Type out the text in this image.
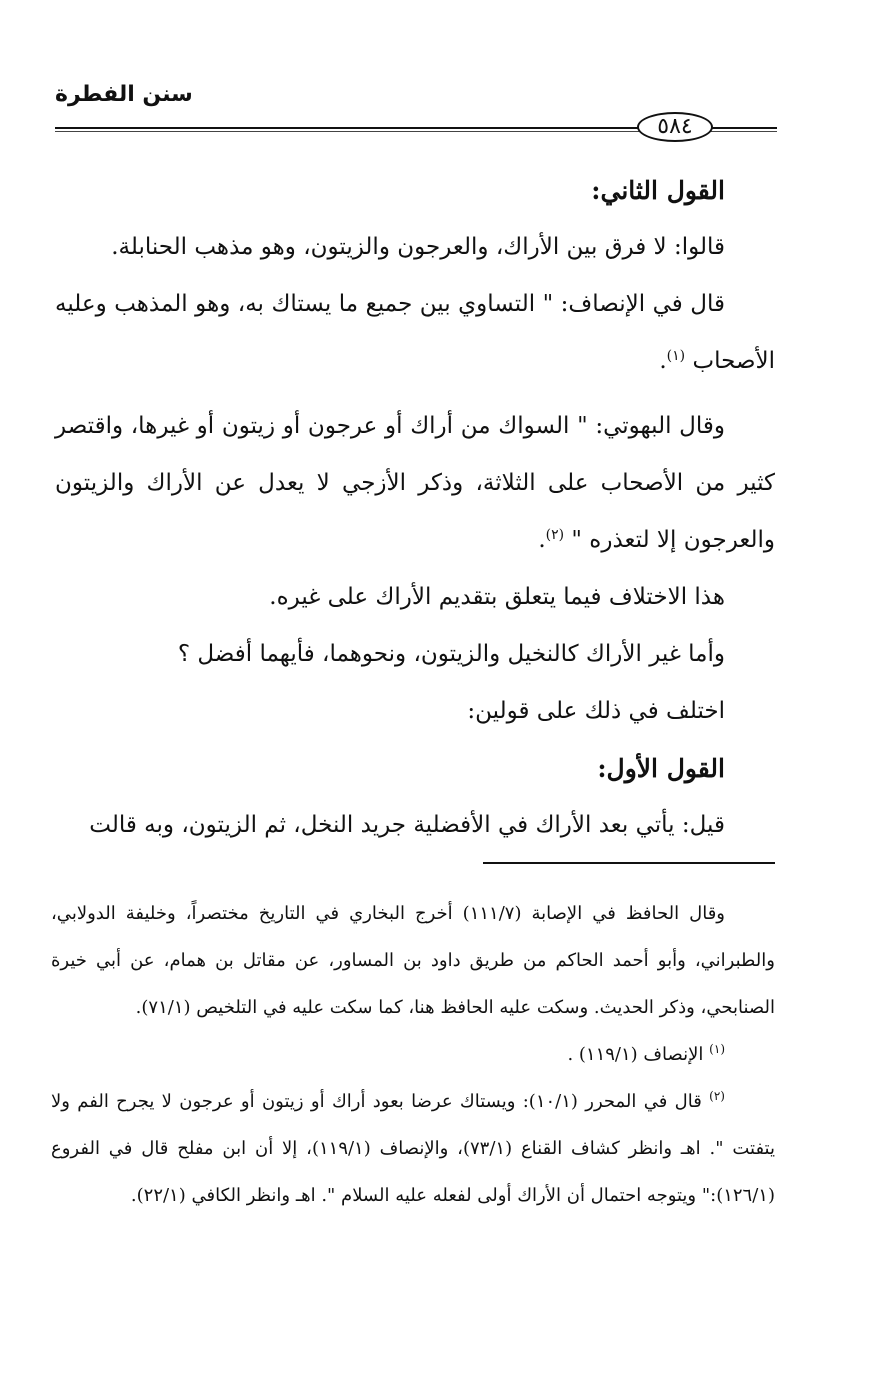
سنن الفطرة
٥٨٤

القول الثاني:

قالوا: لا فرق بين الأراك، والعرجون والزيتون، وهو مذهب الحنابلة.

قال في الإنصاف: " التساوي بين جميع ما يستاك به، وهو المذهب وعليه الأصحاب $^{(١)}$.

وقال البهوتي: " السواك من أراك أو عرجون أو زيتون أو غيرها، واقتصر كثير من الأصحاب على الثلاثة، وذكر الأزجي لا يعدل عن الأراك والزيتون والعرجون إلا لتعذره " $^{(٢)}$.

هذا الاختلاف فيما يتعلق بتقديم الأراك على غيره.

وأما غير الأراك كالنخيل والزيتون، ونحوهما، فأيهما أفضل ؟

اختلف في ذلك على قولين:

القول الأول:

قيل: يأتي بعد الأراك في الأفضلية جريد النخل، ثم الزيتون، وبه قالت

وقال الحافظ في الإصابة (١١١/٧) أخرج البخاري في التاريخ مختصراً، وخليفة الدولابي، والطبراني، وأبو أحمد الحاكم من طريق داود بن المساور، عن مقاتل بن همام، عن أبي خيرة الصنابحي، وذكر الحديث. وسكت عليه الحافظ هنا، كما سكت عليه في التلخيص (٧١/١).

$^{(١)}$ الإنصاف (١١٩/١) .

$^{(٢)}$ قال في المحرر (١٠/١): ويستاك عرضا بعود أراك أو زيتون أو عرجون لا يجرح الفم ولا يتفتت ". اهـ وانظر كشاف القناع (٧٣/١)، والإنصاف (١١٩/١)، إلا أن ابن مفلح قال في الفروع (١٢٦/١):" ويتوجه احتمال أن الأراك أولى لفعله عليه السلام ". اهـ وانظر الكافي (٢٢/١).
